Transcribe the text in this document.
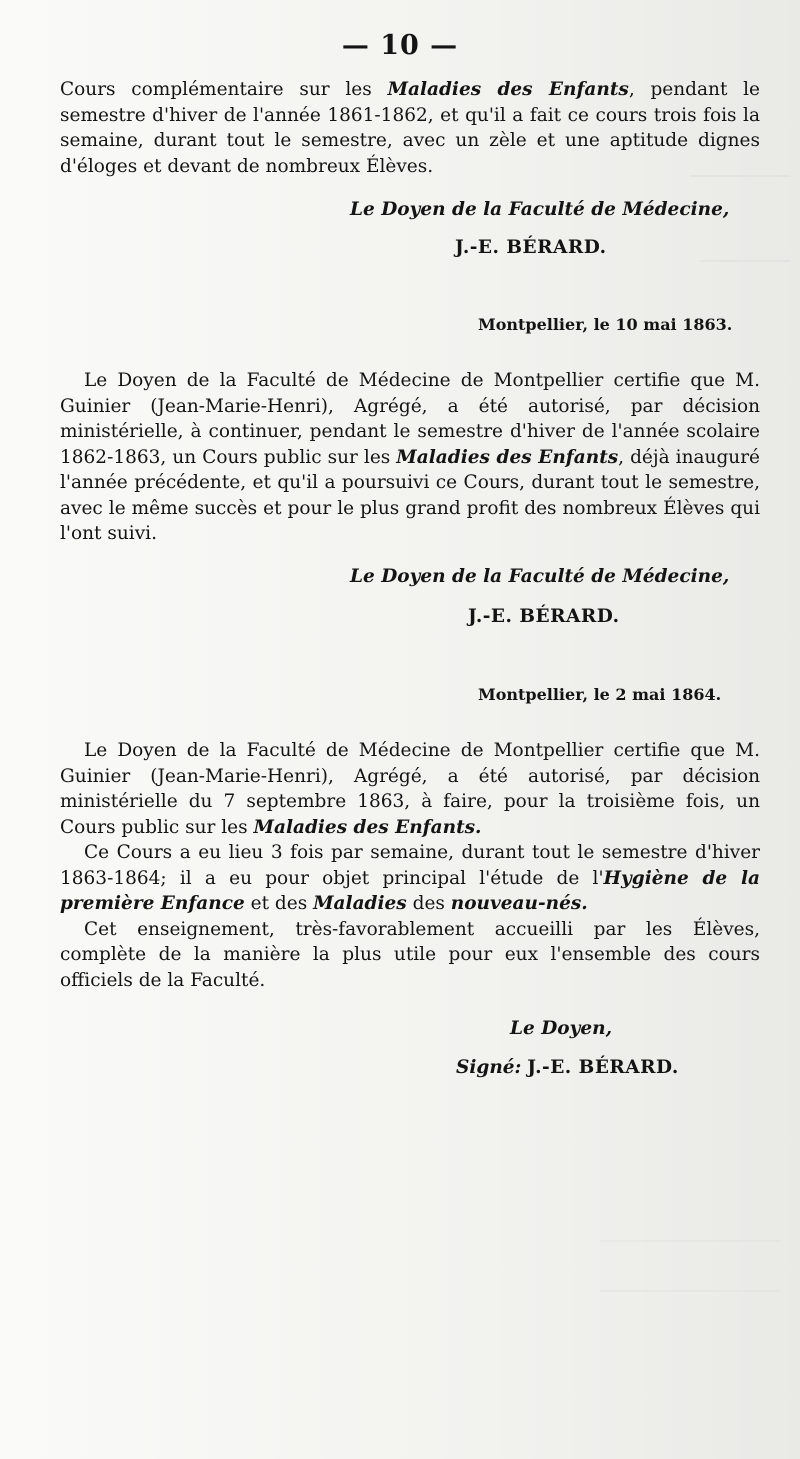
— 10 —

Cours complémentaire sur les Maladies des Enfants, pendant le semestre d'hiver de l'année 1861-1862, et qu'il a fait ce cours trois fois la semaine, durant tout le semestre, avec un zèle et une aptitude dignes d'éloges et devant de nombreux Élèves.

Le Doyen de la Faculté de Médecine,
J.-E. BÉRARD.
Montpellier, le 10 mai 1863.

Le Doyen de la Faculté de Médecine de Montpellier certifie que M. Guinier (Jean-Marie-Henri), Agrégé, a été autorisé, par décision ministérielle, à continuer, pendant le semestre d'hiver de l'année scolaire 1862-1863, un Cours public sur les Maladies des Enfants, déjà inauguré l'année précédente, et qu'il a poursuivi ce Cours, durant tout le semestre, avec le même succès et pour le plus grand profit des nombreux Élèves qui l'ont suivi.

Le Doyen de la Faculté de Médecine,
J.-E. BÉRARD.
Montpellier, le 2 mai 1864.

Le Doyen de la Faculté de Médecine de Montpellier certifie que M. Guinier (Jean-Marie-Henri), Agrégé, a été autorisé, par décision ministérielle du 7 septembre 1863, à faire, pour la troisième fois, un Cours public sur les Maladies des Enfants.

Ce Cours a eu lieu 3 fois par semaine, durant tout le semestre d'hiver 1863-1864; il a eu pour objet principal l'étude de l'Hygiène de la première Enfance et des Maladies des nouveau-nés.

Cet enseignement, très-favorablement accueilli par les Élèves, complète de la manière la plus utile pour eux l'ensemble des cours officiels de la Faculté.

Le Doyen,
Signé: J.-E. BÉRARD.
